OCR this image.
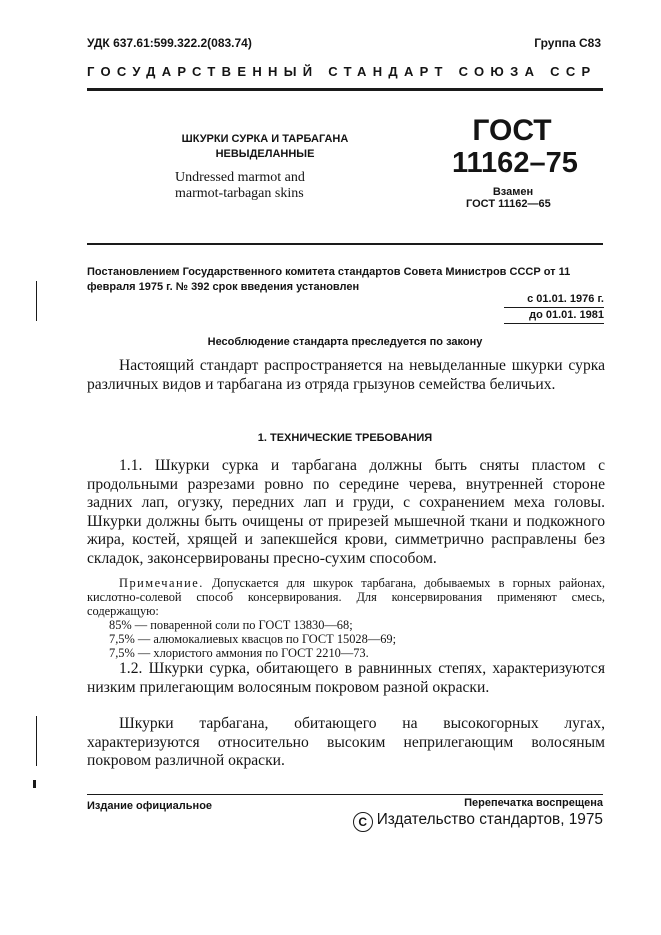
УДК 637.61:599.322.2(083.74)	Группа С83
ГОСУДАРСТВЕННЫЙ СТАНДАРТ СОЮЗА ССР
ШКУРКИ СУРКА И ТАРБАГАНА НЕВЫДЕЛАННЫЕ
Undressed marmot and
marmot-tarbagan skins
ГОСТ
11162–75
Взамен
ГОСТ 11162—65
Постановлением Государственного комитета стандартов Совета Министров СССР от 11 февраля 1975 г. № 392 срок введения установлен
с 01.01. 1976 г.
до 01.01. 1981
Несоблюдение стандарта преследуется по закону
Настоящий стандарт распространяется на невыделанные шкурки сурка различных видов и тарбагана из отряда грызунов семейства беличьих.
1. ТЕХНИЧЕСКИЕ ТРЕБОВАНИЯ
1.1. Шкурки сурка и тарбагана должны быть сняты пластом с продольными разрезами ровно по середине черева, внутренней стороне задних лап, огузку, передних лап и груди, с сохранением меха головы. Шкурки должны быть очищены от прирезей мышечной ткани и подкожного жира, костей, хрящей и запекшейся крови, симметрично расправлены без складок, законсервированы пресно-сухим способом.
Примечание. Допускается для шкурок тарбагана, добываемых в горных районах, кислотно-солевой способ консервирования. Для консервирования применяют смесь, содержащую:
85% — поваренной соли по ГОСТ 13830—68;
7,5% — алюмокалиевых квасцов по ГОСТ 15028—69;
7,5% — хлористого аммония по ГОСТ 2210—73.
1.2. Шкурки сурка, обитающего в равнинных степях, характеризуются низким прилегающим волосяным покровом разной окраски.
Шкурки тарбагана, обитающего на высокогорных лугах, характеризуются относительно высоким неприлегающим волосяным покровом различной окраски.
Издание официальное	Перепечатка воспрещена
C Издательство стандартов, 1975
